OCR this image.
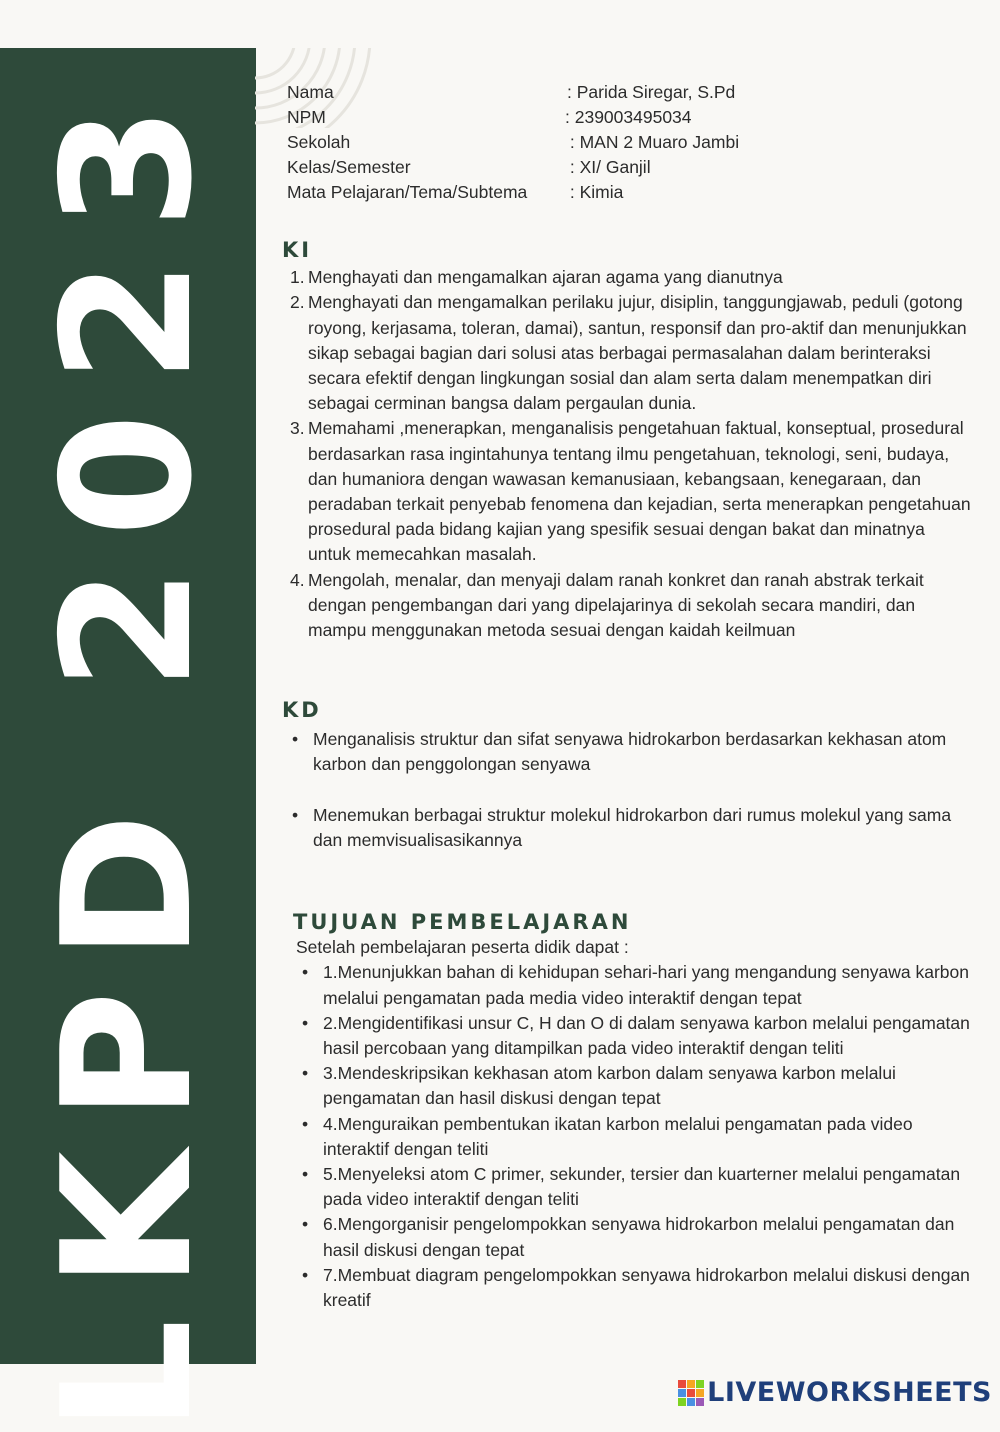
LKPD 2023	Nama	: Parida Siregar, S.Pd
NPM	: 239003495034
Sekolah	: MAN 2 Muaro Jambi
Kelas/Semester	: XI/ Ganjil
Mata Pelajaran/Tema/Subtema	: Kimia
KI
1. Menghayati dan mengamalkan ajaran agama yang dianutnya
2. Menghayati dan mengamalkan perilaku jujur, disiplin, tanggungjawab, peduli (gotong royong, kerjasama, toleran, damai), santun, responsif dan pro-aktif dan menunjukkan sikap sebagai bagian dari solusi atas berbagai permasalahan dalam berinteraksi secara efektif dengan lingkungan sosial dan alam serta dalam menempatkan diri sebagai cerminan bangsa dalam pergaulan dunia.
3. Memahami ,menerapkan, menganalisis pengetahuan faktual, konseptual, prosedural berdasarkan rasa ingintahunya tentang ilmu pengetahuan, teknologi, seni, budaya, dan humaniora dengan wawasan kemanusiaan, kebangsaan, kenegaraan, dan peradaban terkait penyebab fenomena dan kejadian, serta menerapkan pengetahuan prosedural pada bidang kajian yang spesifik sesuai dengan bakat dan minatnya untuk memecahkan masalah.
4. Mengolah, menalar, dan menyaji dalam ranah konkret dan ranah abstrak terkait dengan pengembangan dari yang dipelajarinya di sekolah secara mandiri, dan mampu menggunakan metoda sesuai dengan kaidah keilmuan
KD
• Menganalisis struktur dan sifat senyawa hidrokarbon berdasarkan kekhasan atom karbon dan penggolongan senyawa
• Menemukan berbagai struktur molekul hidrokarbon dari rumus molekul yang sama dan memvisualisasikannya
TUJUAN PEMBELAJARAN
Setelah pembelajaran peserta didik dapat :
• 1.Menunjukkan bahan di kehidupan sehari-hari yang mengandung senyawa karbon melalui pengamatan pada media video interaktif dengan tepat
• 2.Mengidentifikasi unsur C, H dan O di dalam senyawa karbon melalui pengamatan hasil percobaan yang ditampilkan pada video interaktif dengan teliti
• 3.Mendeskripsikan kekhasan atom karbon dalam senyawa karbon melalui pengamatan dan hasil diskusi dengan tepat
• 4.Menguraikan pembentukan ikatan karbon melalui pengamatan pada video interaktif dengan teliti
• 5.Menyeleksi atom C primer, sekunder, tersier dan kuarterner melalui pengamatan pada video interaktif dengan teliti
• 6.Mengorganisir pengelompokkan senyawa hidrokarbon melalui pengamatan dan hasil diskusi dengan tepat
• 7.Membuat diagram pengelompokkan senyawa hidrokarbon melalui diskusi dengan kreatif
LIVEWORKSHEETS
